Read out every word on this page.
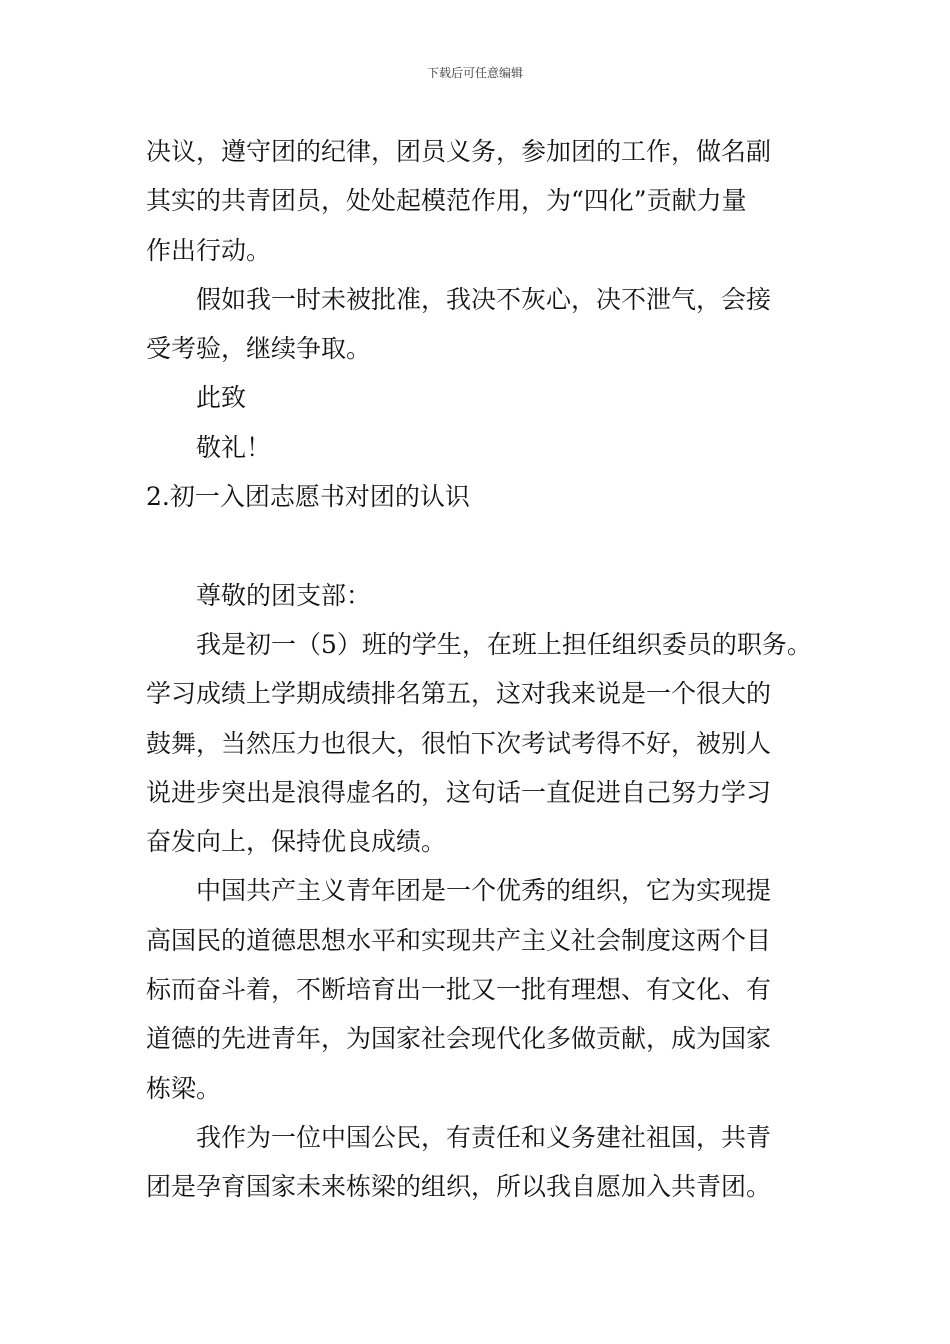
下载后可任意编辑
决议，遵守团的纪律，团员义务，参加团的工作，做名副
其实的共青团员，处处起模范作用，为“四化”贡献力量
作出行动。
假如我一时未被批准，我决不灰心，决不泄气，会接
受考验，继续争取。
此致
敬礼！
2.初一入团志愿书对团的认识
尊敬的团支部：
我是初一（5）班的学生，在班上担任组织委员的职务。
学习成绩上学期成绩排名第五，这对我来说是一个很大的
鼓舞，当然压力也很大，很怕下次考试考得不好，被别人
说进步突出是浪得虚名的，这句话一直促进自己努力学习
奋发向上，保持优良成绩。
中国共产主义青年团是一个优秀的组织，它为实现提
高国民的道德思想水平和实现共产主义社会制度这两个目
标而奋斗着，不断培育出一批又一批有理想、有文化、有
道德的先进青年，为国家社会现代化多做贡献，成为国家
栋梁。
我作为一位中国公民，有责任和义务建社祖国，共青
团是孕育国家未来栋梁的组织，所以我自愿加入共青团。
